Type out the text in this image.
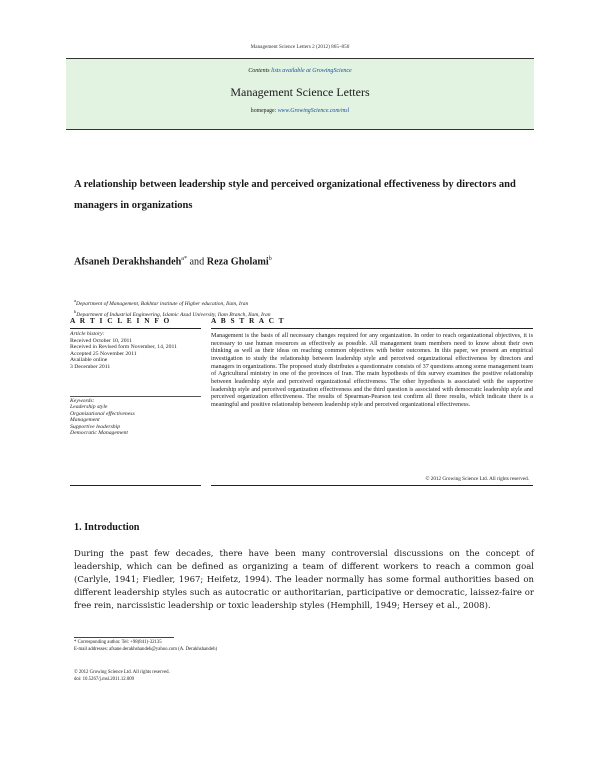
Management Science Letters 2 (2012) 865–850
Contents lists available at GrowingScience
Management Science Letters
homepage: www.GrowingScience.com/msl
A relationship between leadership style and perceived organizational effectiveness by directors and managers in organizations
Afsaneh Derakhshandeh$^{a*}$ and Reza Gholami$^b$
$^a$Department of Management, Bakhtar institute of Higher education, Ilam, Iran
$^b$Department of Industrial Engineering, Islamic Azad University, Ilam Branch, Ilam, Iran
A R T I C L E I N F O	A B S T R A C T
Article history:
Received October 10, 2011
Received in Revised form November, 14, 2011
Accepted 25 November 2011
Available online
3 December 2011
Keywords:
Leadership style
Organizational effectiveness
Management
Supportive leadership
Democratic Management
Management is the basis of all necessary changes required for any organization. In order to reach organizational objectives, it is necessary to use human resources as effectively as possible. All management team members need to know about their own thinking as well as their ideas on reaching common objectives with better outcomes. In this paper, we present an empirical investigation to study the relationship between leadership style and perceived organizational effectiveness by directors and managers in organizations. The proposed study distributes a questionnaire consists of 37 questions among some management team of Agricultural ministry in one of the provinces of Iran. The main hypothesis of this survey examines the positive relationship between leadership style and perceived organizational effectiveness. The other hypothesis is associated with the supportive leadership style and perceived organization effectiveness and the third question is associated with democratic leadership style and perceived organization effectiveness. The results of Spearman-Pearson test confirm all three results, which indicate there is a meaningful and positive relationship between leadership style and perceived organizational effectiveness.
© 2012 Growing Science Ltd. All rights reserved.
1. Introduction
During the past few decades, there have been many controversial discussions on the concept of leadership, which can be defined as organizing a team of different workers to reach a common goal (Carlyle, 1941; Fiedler, 1967; Heifetz, 1994). The leader normally has some formal authorities based on different leadership styles such as autocratic or authoritarian, participative or democratic, laissez-faire or free rein, narcissistic leadership or toxic leadership styles (Hemphill, 1949; Hersey et al., 2008).
* Corresponding author. Tel: +98(841)-32135
E-mail addresses: afsane.derakhshandeh@yahoo.com (A. Derakhshandeh)
© 2012 Growing Science Ltd. All rights reserved.
doi: 10.5267/j.msl.2011.12.009
